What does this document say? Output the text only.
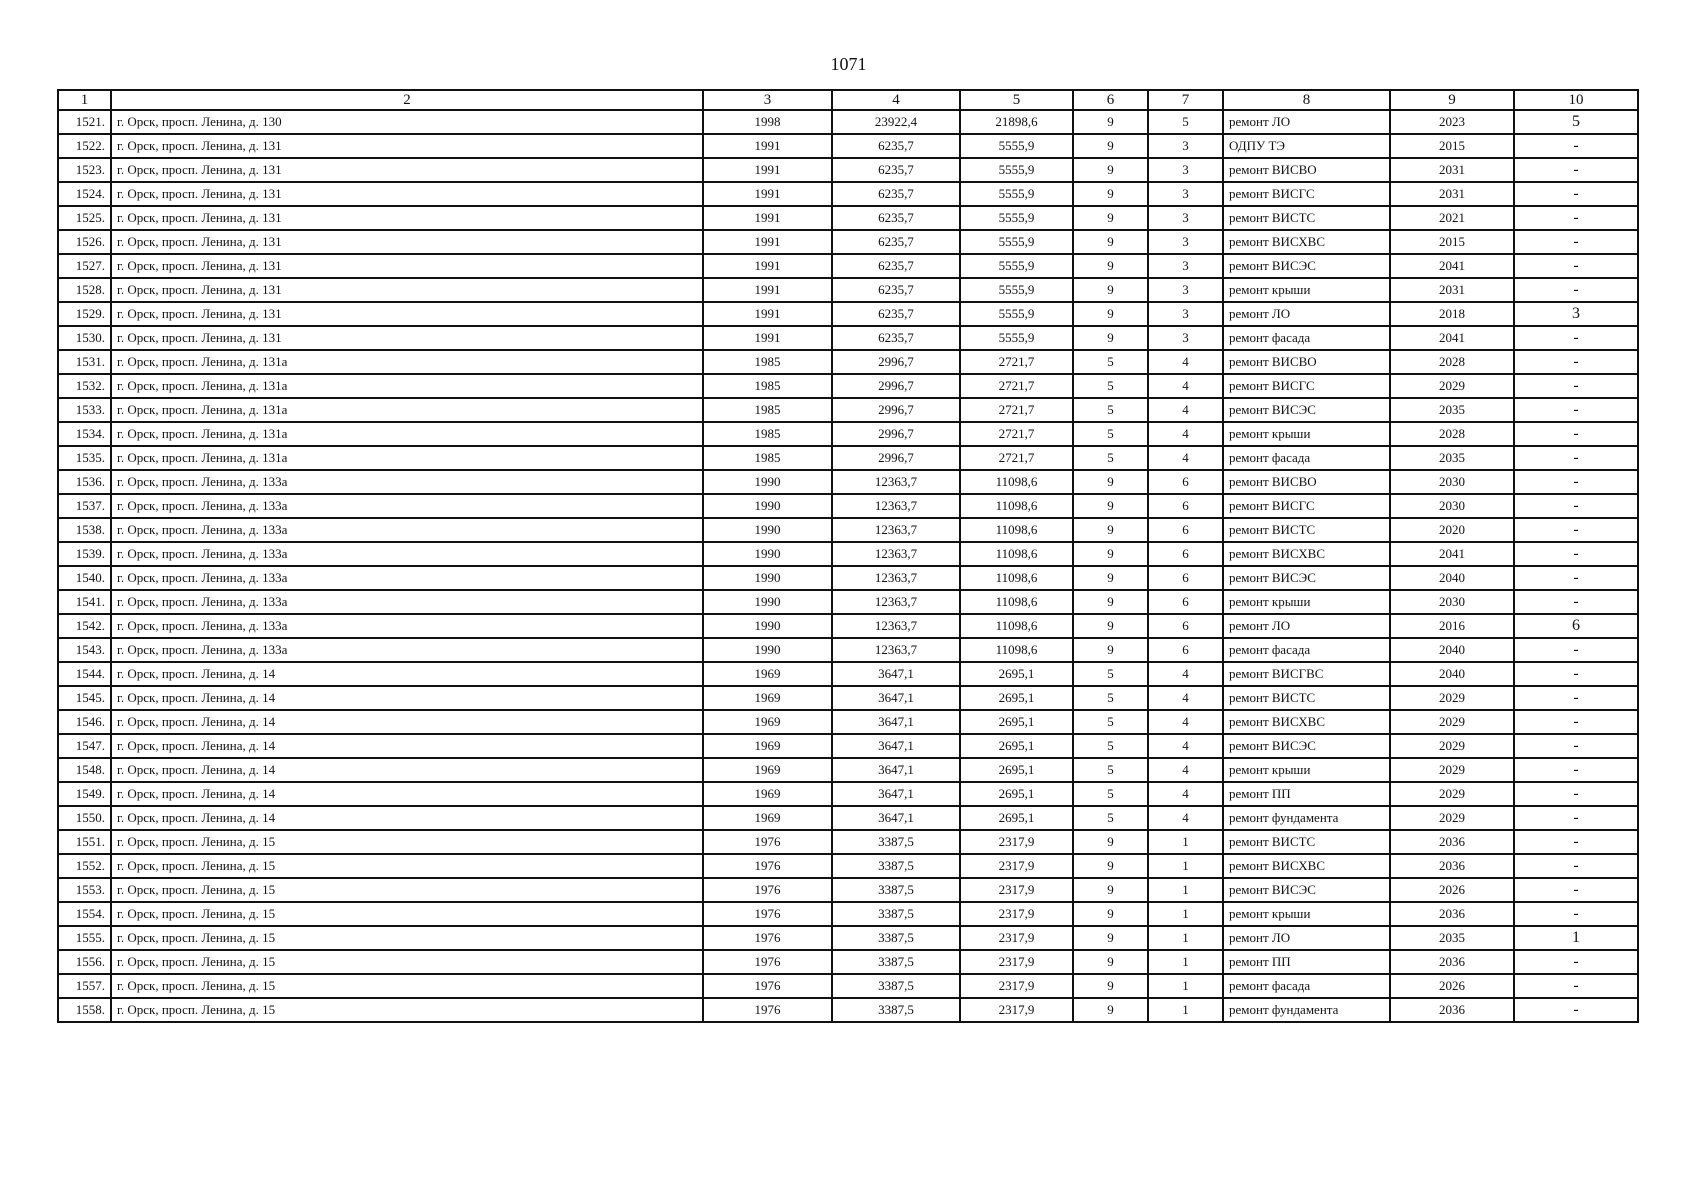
1071
1	2	3	4	5	6	7	8	9	10
1521.	г. Орск, просп. Ленина, д. 130	1998	23922,4	21898,6	9	5	ремонт ЛО	2023	5
1522.	г. Орск, просп. Ленина, д. 131	1991	6235,7	5555,9	9	3	ОДПУ ТЭ	2015	-
1523.	г. Орск, просп. Ленина, д. 131	1991	6235,7	5555,9	9	3	ремонт ВИСВО	2031	-
1524.	г. Орск, просп. Ленина, д. 131	1991	6235,7	5555,9	9	3	ремонт ВИСГС	2031	-
1525.	г. Орск, просп. Ленина, д. 131	1991	6235,7	5555,9	9	3	ремонт ВИСТС	2021	-
1526.	г. Орск, просп. Ленина, д. 131	1991	6235,7	5555,9	9	3	ремонт ВИСХВС	2015	-
1527.	г. Орск, просп. Ленина, д. 131	1991	6235,7	5555,9	9	3	ремонт ВИСЭС	2041	-
1528.	г. Орск, просп. Ленина, д. 131	1991	6235,7	5555,9	9	3	ремонт крыши	2031	-
1529.	г. Орск, просп. Ленина, д. 131	1991	6235,7	5555,9	9	3	ремонт ЛО	2018	3
1530.	г. Орск, просп. Ленина, д. 131	1991	6235,7	5555,9	9	3	ремонт фасада	2041	-
1531.	г. Орск, просп. Ленина, д. 131а	1985	2996,7	2721,7	5	4	ремонт ВИСВО	2028	-
1532.	г. Орск, просп. Ленина, д. 131а	1985	2996,7	2721,7	5	4	ремонт ВИСГС	2029	-
1533.	г. Орск, просп. Ленина, д. 131а	1985	2996,7	2721,7	5	4	ремонт ВИСЭС	2035	-
1534.	г. Орск, просп. Ленина, д. 131а	1985	2996,7	2721,7	5	4	ремонт крыши	2028	-
1535.	г. Орск, просп. Ленина, д. 131а	1985	2996,7	2721,7	5	4	ремонт фасада	2035	-
1536.	г. Орск, просп. Ленина, д. 133а	1990	12363,7	11098,6	9	6	ремонт ВИСВО	2030	-
1537.	г. Орск, просп. Ленина, д. 133а	1990	12363,7	11098,6	9	6	ремонт ВИСГС	2030	-
1538.	г. Орск, просп. Ленина, д. 133а	1990	12363,7	11098,6	9	6	ремонт ВИСТС	2020	-
1539.	г. Орск, просп. Ленина, д. 133а	1990	12363,7	11098,6	9	6	ремонт ВИСХВС	2041	-
1540.	г. Орск, просп. Ленина, д. 133а	1990	12363,7	11098,6	9	6	ремонт ВИСЭС	2040	-
1541.	г. Орск, просп. Ленина, д. 133а	1990	12363,7	11098,6	9	6	ремонт крыши	2030	-
1542.	г. Орск, просп. Ленина, д. 133а	1990	12363,7	11098,6	9	6	ремонт ЛО	2016	6
1543.	г. Орск, просп. Ленина, д. 133а	1990	12363,7	11098,6	9	6	ремонт фасада	2040	-
1544.	г. Орск, просп. Ленина, д. 14	1969	3647,1	2695,1	5	4	ремонт ВИСГВС	2040	-
1545.	г. Орск, просп. Ленина, д. 14	1969	3647,1	2695,1	5	4	ремонт ВИСТС	2029	-
1546.	г. Орск, просп. Ленина, д. 14	1969	3647,1	2695,1	5	4	ремонт ВИСХВС	2029	-
1547.	г. Орск, просп. Ленина, д. 14	1969	3647,1	2695,1	5	4	ремонт ВИСЭС	2029	-
1548.	г. Орск, просп. Ленина, д. 14	1969	3647,1	2695,1	5	4	ремонт крыши	2029	-
1549.	г. Орск, просп. Ленина, д. 14	1969	3647,1	2695,1	5	4	ремонт ПП	2029	-
1550.	г. Орск, просп. Ленина, д. 14	1969	3647,1	2695,1	5	4	ремонт фундамента	2029	-
1551.	г. Орск, просп. Ленина, д. 15	1976	3387,5	2317,9	9	1	ремонт ВИСТС	2036	-
1552.	г. Орск, просп. Ленина, д. 15	1976	3387,5	2317,9	9	1	ремонт ВИСХВС	2036	-
1553.	г. Орск, просп. Ленина, д. 15	1976	3387,5	2317,9	9	1	ремонт ВИСЭС	2026	-
1554.	г. Орск, просп. Ленина, д. 15	1976	3387,5	2317,9	9	1	ремонт крыши	2036	-
1555.	г. Орск, просп. Ленина, д. 15	1976	3387,5	2317,9	9	1	ремонт ЛО	2035	1
1556.	г. Орск, просп. Ленина, д. 15	1976	3387,5	2317,9	9	1	ремонт ПП	2036	-
1557.	г. Орск, просп. Ленина, д. 15	1976	3387,5	2317,9	9	1	ремонт фасада	2026	-
1558.	г. Орск, просп. Ленина, д. 15	1976	3387,5	2317,9	9	1	ремонт фундамента	2036	-
